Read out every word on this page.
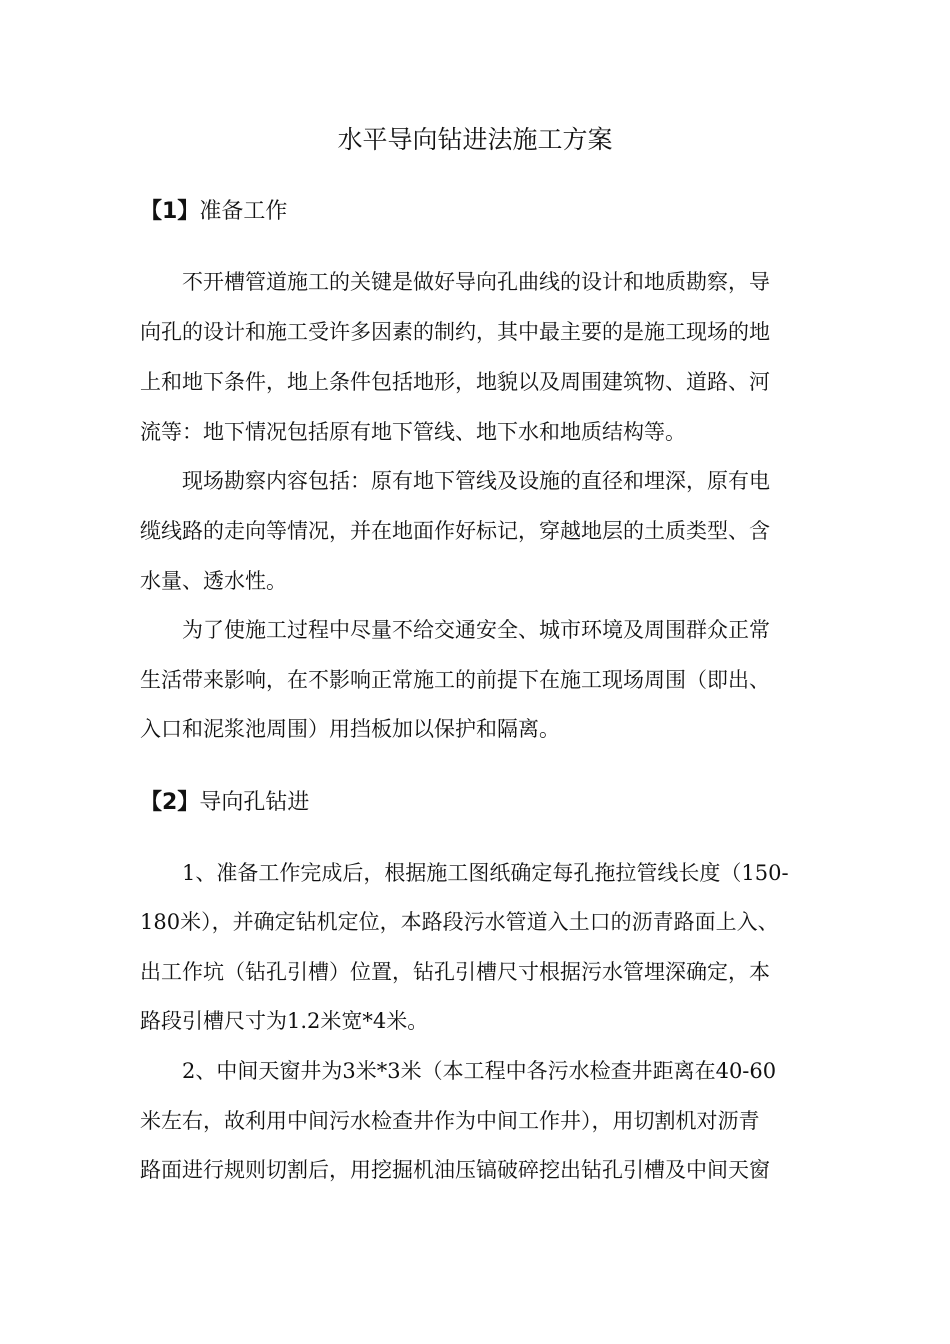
水平导向钻进法施工方案
【1】准备工作
不开槽管道施工的关键是做好导向孔曲线的设计和地质勘察，导
向孔的设计和施工受许多因素的制约，其中最主要的是施工现场的地
上和地下条件，地上条件包括地形，地貌以及周围建筑物、道路、河
流等：地下情况包括原有地下管线、地下水和地质结构等。
现场勘察内容包括：原有地下管线及设施的直径和埋深，原有电
缆线路的走向等情况，并在地面作好标记，穿越地层的土质类型、含
水量、透水性。
为了使施工过程中尽量不给交通安全、城市环境及周围群众正常
生活带来影响，在不影响正常施工的前提下在施工现场周围（即出、
入口和泥浆池周围）用挡板加以保护和隔离。
【2】导向孔钻进
1、准备工作完成后，根据施工图纸确定每孔拖拉管线长度（150-
180米），并确定钻机定位，本路段污水管道入土口的沥青路面上入、
出工作坑（钻孔引槽）位置，钻孔引槽尺寸根据污水管埋深确定，本
路段引槽尺寸为1.2米宽*4米。
2、中间天窗井为3米*3米（本工程中各污水检查井距离在40-60
米左右，故利用中间污水检查井作为中间工作井），用切割机对沥青
路面进行规则切割后，用挖掘机油压镐破碎挖出钻孔引槽及中间天窗
